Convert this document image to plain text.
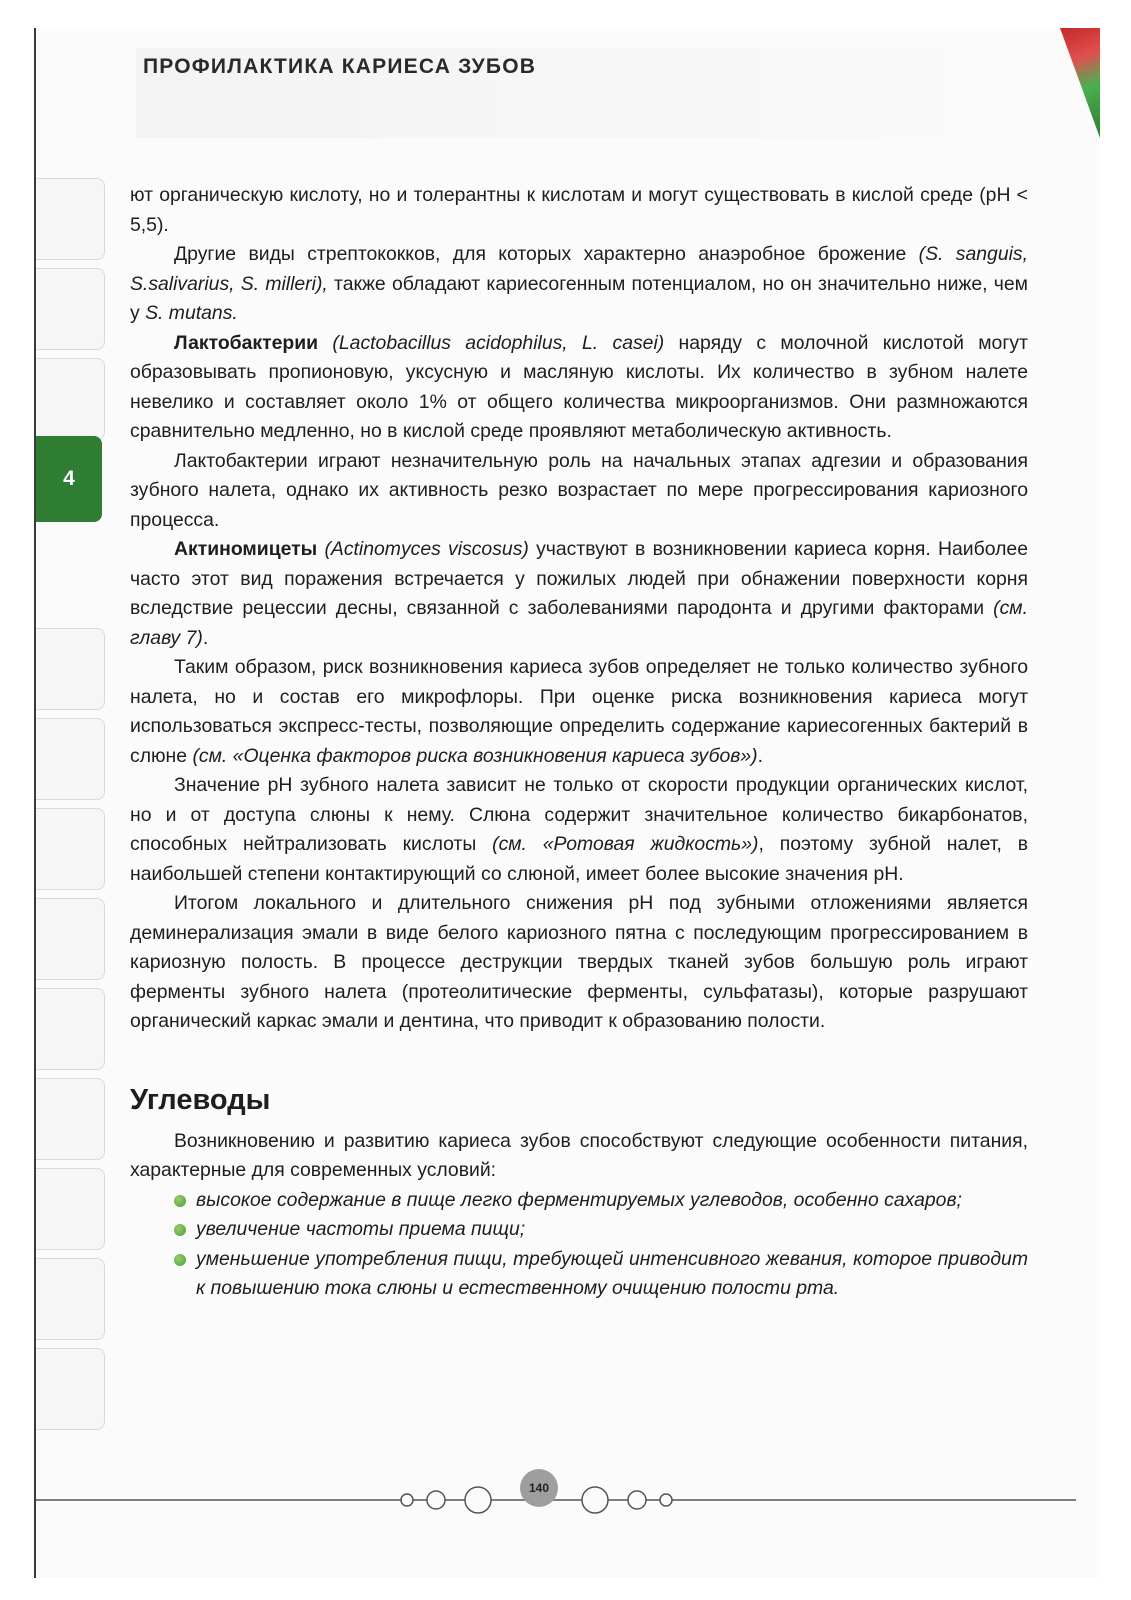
4

ют органическую кислоту, но и толерантны к кислотам и могут существовать в кислой среде (рН < 5,5).

Другие виды стрептококков, для которых характерно анаэробное брожение (S. sanguis, S.salivarius, S. milleri), также обладают кариесогенным потенциалом, но он значительно ниже, чем у S. mutans.

Лактобактерии (Lactobacillus acidophilus, L. casei) наряду с молочной кислотой могут образовывать пропионовую, уксусную и масляную кислоты. Их количество в зубном налете невелико и составляет около 1% от общего количества микроорганизмов. Они размножаются сравнительно медленно, но в кислой среде проявляют метаболическую активность.

Лактобактерии играют незначительную роль на начальных этапах адгезии и образования зубного налета, однако их активность резко возрастает по мере прогрессирования кариозного процесса.

Актиномицеты (Actinomyces viscosus) участвуют в возникновении кариеса корня. Наиболее часто этот вид поражения встречается у пожилых людей при обнажении поверхности корня вследствие рецессии десны, связанной с заболеваниями пародонта и другими факторами (см. главу 7).

Таким образом, риск возникновения кариеса зубов определяет не только количество зубного налета, но и состав его микрофлоры. При оценке риска возникновения кариеса могут использоваться экспресс-тесты, позволяющие определить содержание кариесогенных бактерий в слюне (см. «Оценка факторов риска возникновения кариеса зубов»).

Значение рН зубного налета зависит не только от скорости продукции органических кислот, но и от доступа слюны к нему. Слюна содержит значительное количество бикарбонатов, способных нейтрализовать кислоты (см. «Ротовая жидкость»), поэтому зубной налет, в наибольшей степени контактирующий со слюной, имеет более высокие значения рН.

Итогом локального и длительного снижения рН под зубными отложениями является деминерализация эмали в виде белого кариозного пятна с последующим прогрессированием в кариозную полость. В процессе деструкции твердых тканей зубов большую роль играют ферменты зубного налета (протеолитические ферменты, сульфатазы), которые разрушают органический каркас эмали и дентина, что приводит к образованию полости.

Углеводы

Возникновению и развитию кариеса зубов способствуют следующие особенности питания, характерные для современных условий:

высокое содержание в пище легко ферментируемых углеводов, особенно сахаров;
увеличение частоты приема пищи;
уменьшение употребления пищи, требующей интенсивного жевания, которое приводит к повышению тока слюны и естественному очищению полости рта.
140
ПРОФИЛАКТИКА КАРИЕСА ЗУБОВ
